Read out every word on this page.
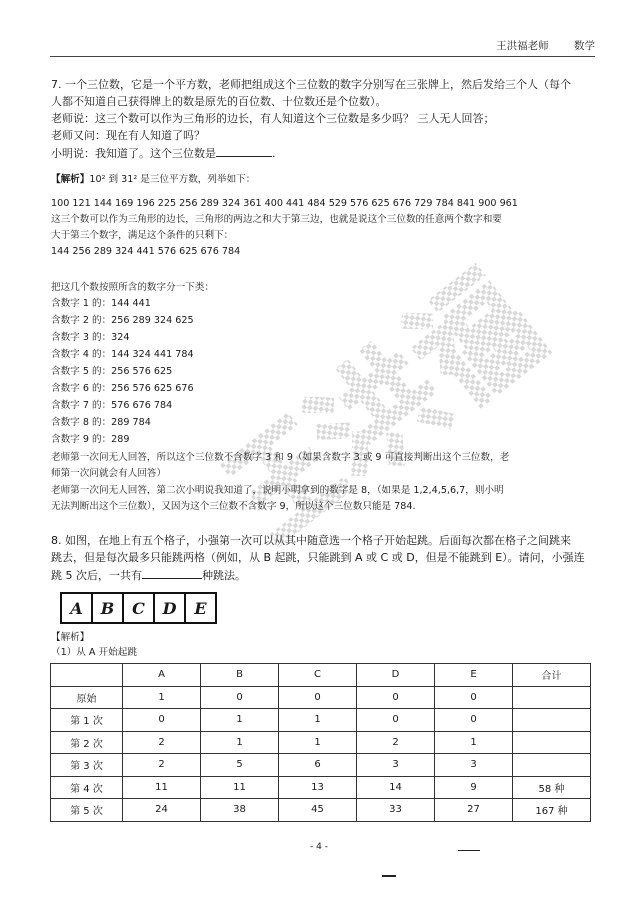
王洪福老师 数学
7. 一个三位数，它是一个平方数，老师把组成这个三位数的数字分别写在三张牌上，然后发给三个人（每个
人都不知道自己获得牌上的数是原先的百位数、十位数还是个位数）。
老师说：这三个数可以作为三角形的边长，有人知道这个三位数是多少吗？ 三人无人回答；
老师又问：现在有人知道了吗？
小明说：我知道了。这个三位数是	.
【解析】10² 到 31² 是三位平方数，列举如下：
100 121 144 169 196 225 256 289 324 361 400 441 484 529 576 625 676 729 784 841 900 961
这三个数可以作为三角形的边长，三角形的两边之和大于第三边，也就是说这个三位数的任意两个数字和要
大于第三个数字，满足这个条件的只剩下：
144 256 289 324 441 576 625 676 784
把这几个数按照所含的数字分一下类：
含数字 1 的：144 441
含数字 2 的：256 289 324 625
含数字 3 的：324
含数字 4 的：144 324 441 784
含数字 5 的：256 576 625
含数字 6 的：256 576 625 676
含数字 7 的：576 676 784
含数字 8 的：289 784
含数字 9 的：289
老师第一次问无人回答，所以这个三位数不含数字 3 和 9（如果含数字 3 或 9 可直接判断出这个三位数，老
师第一次问就会有人回答）
老师第一次问无人回答，第二次小明说我知道了，说明小明拿到的数字是 8，（如果是 1,2,4,5,6,7，则小明
无法判断出这个三位数），又因为这个三位数不含数字 9，所以这个三位数只能是 784.
8. 如图，在地上有五个格子，小强第一次可以从其中随意选一个格子开始起跳。后面每次都在格子之间跳来
跳去，但是每次最多只能跳两格（例如，从 B 起跳，只能跳到 A 或 C 或 D，但是不能跳到 E）。请问，小强连
跳 5 次后，一共有	种跳法。
A	B	C	D	E
【解析】
（1）从 A 开始起跳
	A	B	C	D	E	合计
原始	1	0	0	0	0	
第 1 次	0	1	1	0	0	
第 2 次	2	1	1	2	1	
第 3 次	2	5	6	3	3	
第 4 次	11	11	13	14	9	58 种
第 5 次	24	38	45	33	27	167 种
- 4 -
